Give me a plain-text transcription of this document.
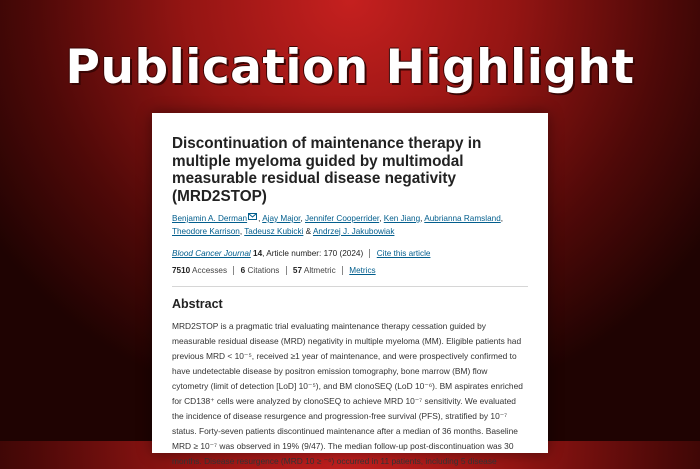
Publication Highlight
Discontinuation of maintenance therapy in multiple myeloma guided by multimodal measurable residual disease negativity (MRD2STOP)
Benjamin A. Derman , Ajay Major, Jennifer Cooperrider, Ken Jiang, Aubrianna Ramsland, Theodore Karrison, Tadeusz Kubicki & Andrzej J. Jakubowiak
Blood Cancer Journal 14, Article number: 170 (2024) Cite this article
7510 Accesses 6 Citations 57 Altmetric Metrics
Abstract

MRD2STOP is a pragmatic trial evaluating maintenance therapy cessation guided by

measurable residual disease (MRD) negativity in multiple myeloma (MM). Eligible patients had

previous MRD < 10⁻⁵, received ≥1 year of maintenance, and were prospectively confirmed to

have undetectable disease by positron emission tomography, bone marrow (BM) flow

cytometry (limit of detection [LoD] 10⁻⁵), and BM clonoSEQ (LoD 10⁻⁶). BM aspirates enriched

for CD138⁺ cells were analyzed by clonoSEQ to achieve MRD 10⁻⁷ sensitivity. We evaluated

the incidence of disease resurgence and progression-free survival (PFS), stratified by 10⁻⁷

status. Forty-seven patients discontinued maintenance after a median of 36 months. Baseline

MRD ≥ 10⁻⁷ was observed in 19% (9/47). The median follow-up post-discontinuation was 30

months. Disease resurgence (MRD 10 ≥ ⁻⁶) occurred in 11 patients, including 5 disease
